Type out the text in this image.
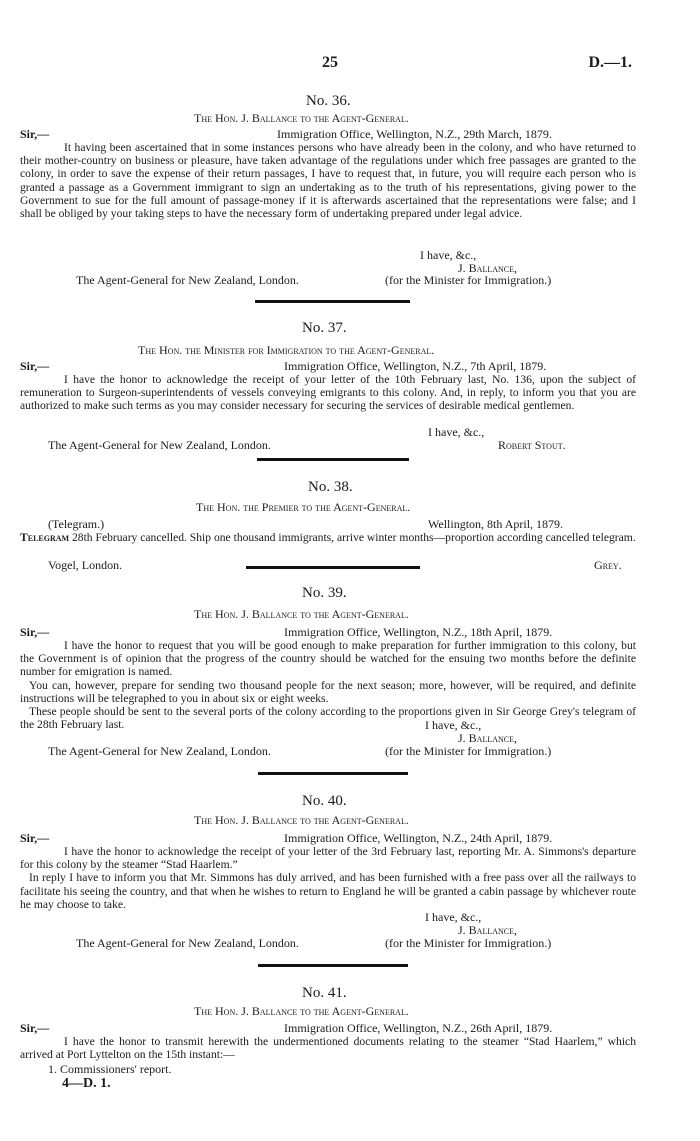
25	D.—1.
No. 36.
The Hon. J. Ballance to the Agent-General.
Sir,—	Immigration Office, Wellington, N.Z., 29th March, 1879.

It having been ascertained that in some instances persons who have already been in the colony, and who have returned to their mother-country on business or pleasure, have taken advantage of the regulations under which free passages are granted to the colony, in order to save the expense of their return passages, I have to request that, in future, you will require each person who is granted a passage as a Government immigrant to sign an undertaking as to the truth of his representations, giving power to the Government to sue for the full amount of passage-money if it is afterwards ascertained that the representations were false; and I shall be obliged by your taking steps to have the necessary form of undertaking prepared under legal advice.

I have, &c.,
J. Ballance,
(for the Minister for Immigration.)
The Agent-General for New Zealand, London.
No. 37.
The Hon. the Minister for Immigration to the Agent-General.
Sir,—	Immigration Office, Wellington, N.Z., 7th April, 1879.

I have the honor to acknowledge the receipt of your letter of the 10th February last, No. 136, upon the subject of remuneration to Surgeon-superintendents of vessels conveying emigrants to this colony. And, in reply, to inform you that you are authorized to make such terms as you may consider necessary for securing the services of desirable medical gentlemen.

I have, &c.,
Robert Stout.
The Agent-General for New Zealand, London.
No. 38.
The Hon. the Premier to the Agent-General.
(Telegram.)	Wellington, 8th April, 1879.

Telegram 28th February cancelled. Ship one thousand immigrants, arrive winter months—proportion according cancelled telegram.

Vogel, London.	Grey.
No. 39.
The Hon. J. Ballance to the Agent-General.
Sir,—	Immigration Office, Wellington, N.Z., 18th April, 1879.

I have the honor to request that you will be good enough to make preparation for further immigration to this colony, but the Government is of opinion that the progress of the country should be watched for the ensuing two months before the definite number for emigration is named.

You can, however, prepare for sending two thousand people for the next season; more, however, will be required, and definite instructions will be telegraphed to you in about six or eight weeks.

These people should be sent to the several ports of the colony according to the proportions given in Sir George Grey's telegram of the 28th February last.	I have, &c.,
J. Ballance,
(for the Minister for Immigration.)
The Agent-General for New Zealand, London.
No. 40.
The Hon. J. Ballance to the Agent-General.
Sir,—	Immigration Office, Wellington, N.Z., 24th April, 1879.

I have the honor to acknowledge the receipt of your letter of the 3rd February last, reporting Mr. A. Simmons's departure for this colony by the steamer “Stad Haarlem.”

In reply I have to inform you that Mr. Simmons has duly arrived, and has been furnished with a free pass over all the railways to facilitate his seeing the country, and that when he wishes to return to England he will be granted a cabin passage by whichever route he may choose to take.

I have, &c.,
J. Ballance,
(for the Minister for Immigration.)
The Agent-General for New Zealand, London.
No. 41.
The Hon. J. Ballance to the Agent-General.
Sir,—	Immigration Office, Wellington, N.Z., 26th April, 1879.

I have the honor to transmit herewith the undermentioned documents relating to the steamer “Stad Haarlem,” which arrived at Port Lyttelton on the 15th instant:—

1. Commissioners' report.
4—D. 1.
